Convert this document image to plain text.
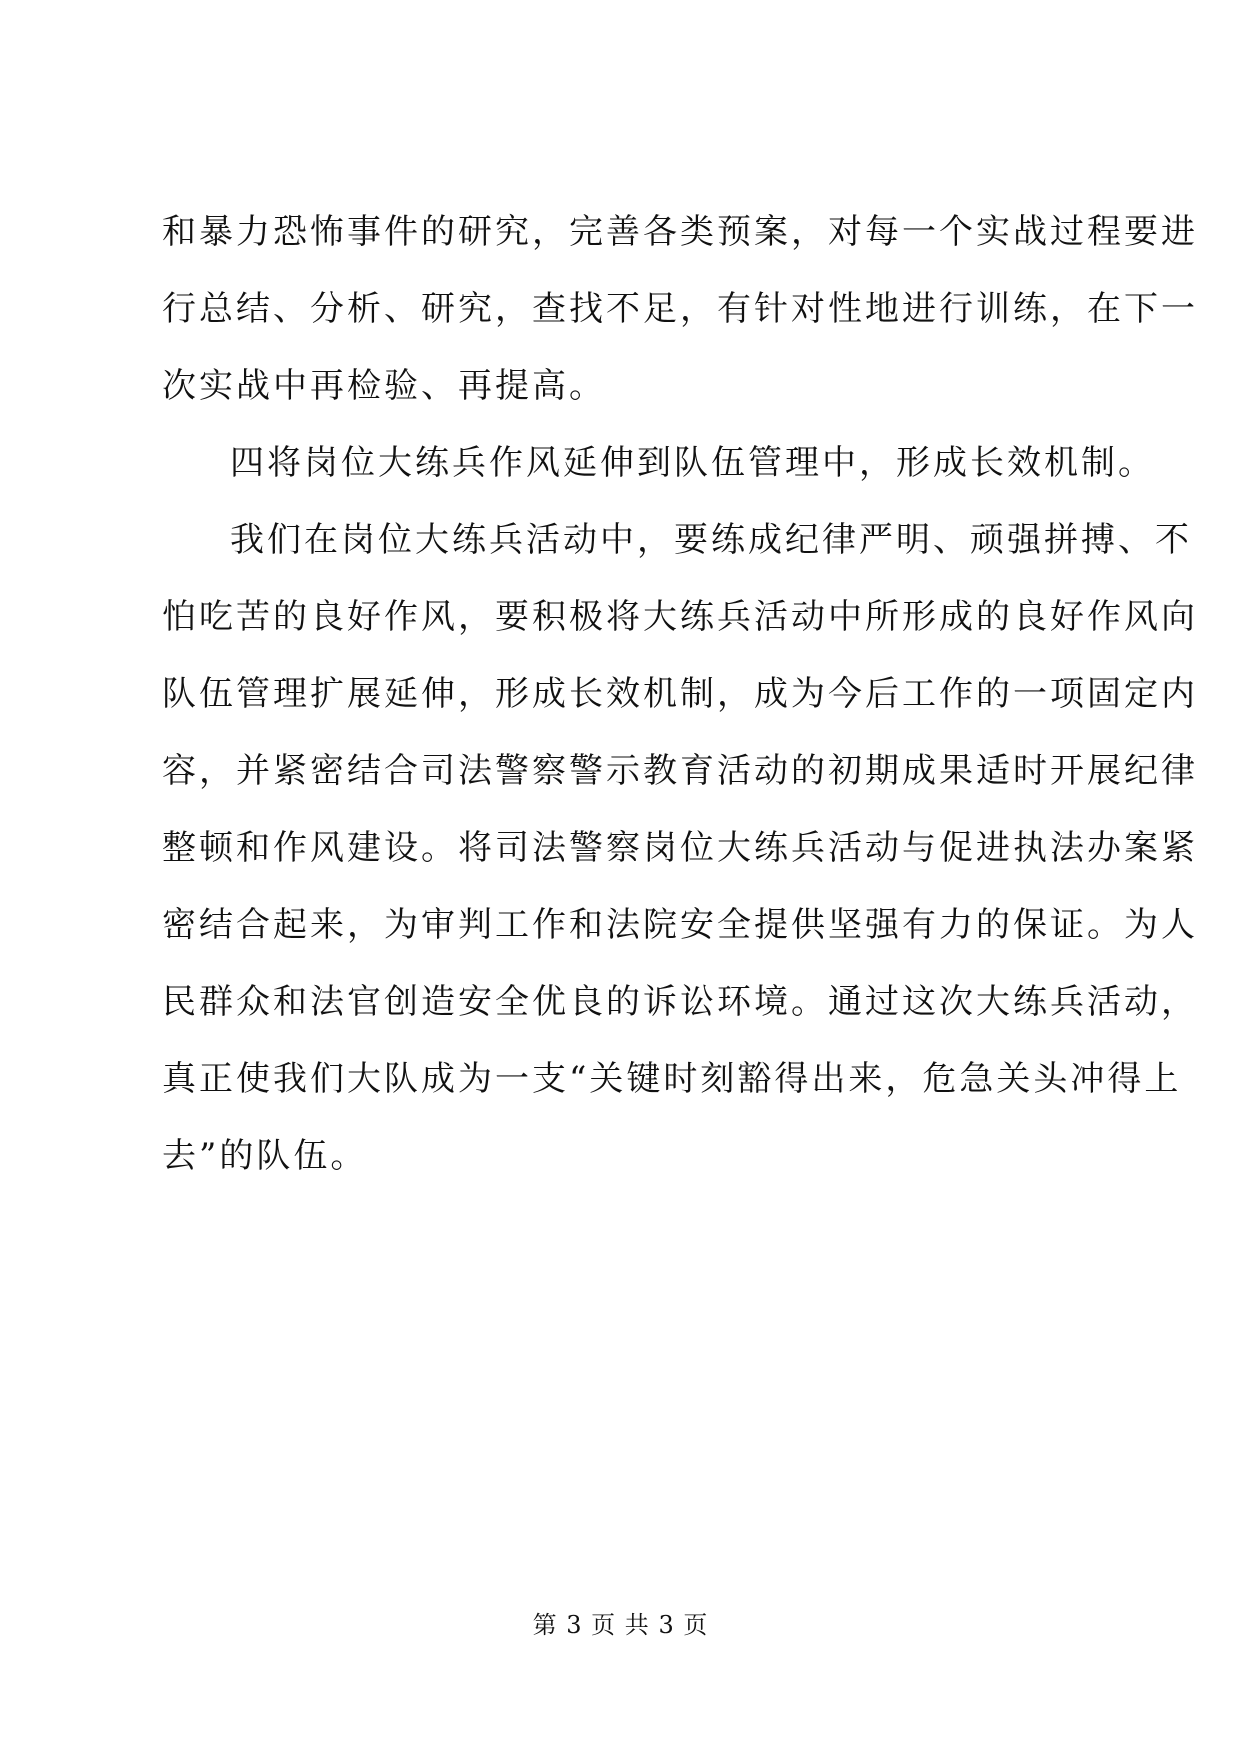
和暴力恐怖事件的研究，完善各类预案，对每一个实战过程要进
行总结、分析、研究，查找不足，有针对性地进行训练，在下一
次实战中再检验、再提高。
四将岗位大练兵作风延伸到队伍管理中，形成长效机制。
我们在岗位大练兵活动中，要练成纪律严明、顽强拼搏、不
怕吃苦的良好作风，要积极将大练兵活动中所形成的良好作风向
队伍管理扩展延伸，形成长效机制，成为今后工作的一项固定内
容，并紧密结合司法警察警示教育活动的初期成果适时开展纪律
整顿和作风建设。将司法警察岗位大练兵活动与促进执法办案紧
密结合起来，为审判工作和法院安全提供坚强有力的保证。为人
民群众和法官创造安全优良的诉讼环境。通过这次大练兵活动，
真正使我们大队成为一支“关键时刻豁得出来，危急关头冲得上
去”的队伍。
第 3 页 共 3 页
